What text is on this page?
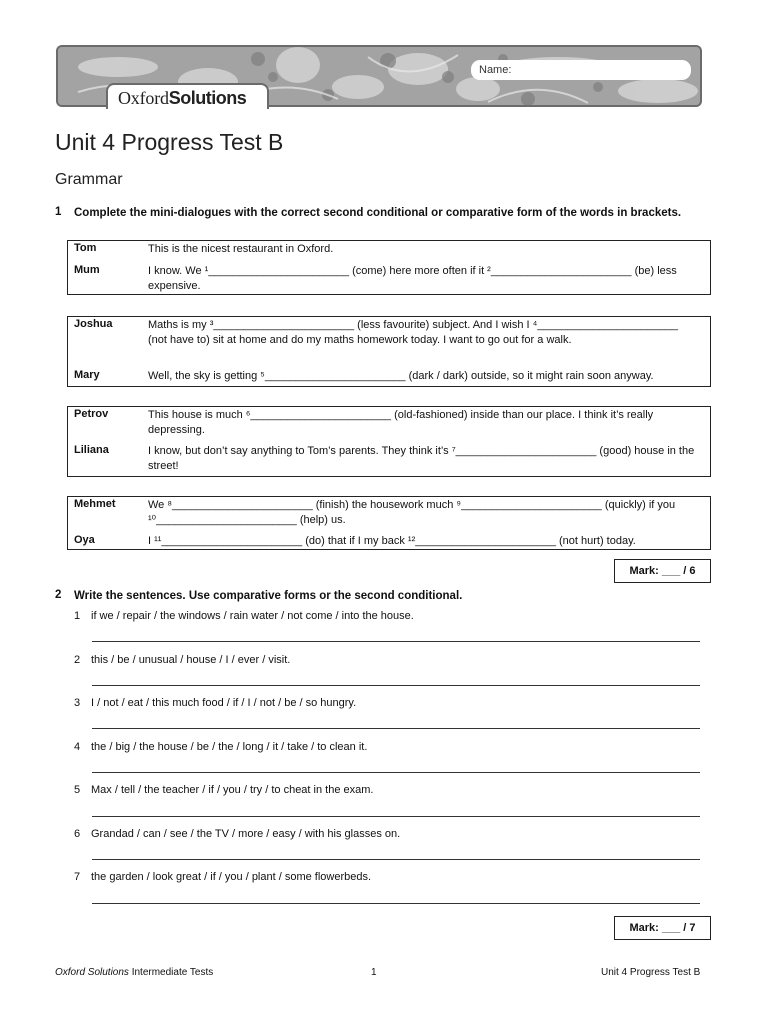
Name:
OxfordSolutions
Unit 4 Progress Test B
Grammar
1 Complete the mini-dialogues with the correct second conditional or comparative form of the words in brackets.
Tom	This is the nicest restaurant in Oxford.
Mum	I know. We ¹_______________________ (come) here more often if it ²_______________________ (be) less expensive.
Joshua	Maths is my ³_______________________ (less favourite) subject. And I wish I ⁴_______________________ (not have to) sit at home and do my maths homework today. I want to go out for a walk.
Mary	Well, the sky is getting ⁵_______________________ (dark / dark) outside, so it might rain soon anyway.
Petrov	This house is much ⁶_______________________ (old-fashioned) inside than our place. I think it’s really depressing.
Liliana	I know, but don’t say anything to Tom’s parents. They think it’s ⁷_______________________ (good) house in the street!
Mehmet	We ⁸_______________________ (finish) the housework much ⁹_______________________ (quickly) if you ¹⁰_______________________ (help) us.
Oya	I ¹¹_______________________ (do) that if I my back ¹²_______________________ (not hurt) today.
Mark: ___ / 6
2 Write the sentences. Use comparative forms or the second conditional.
1 if we / repair / the windows / rain water / not come / into the house.
2 this / be / unusual / house / I / ever / visit.
3 I / not / eat / this much food / if / I / not / be / so hungry.
4 the / big / the house / be / the / long / it / take / to clean it.
5 Max / tell / the teacher / if / you / try / to cheat in the exam.
6 Grandad / can / see / the TV / more / easy / with his glasses on.
7 the garden / look great / if / you / plant / some flowerbeds.
Mark: ___ / 7
Oxford Solutions Intermediate Tests	1	Unit 4 Progress Test B
